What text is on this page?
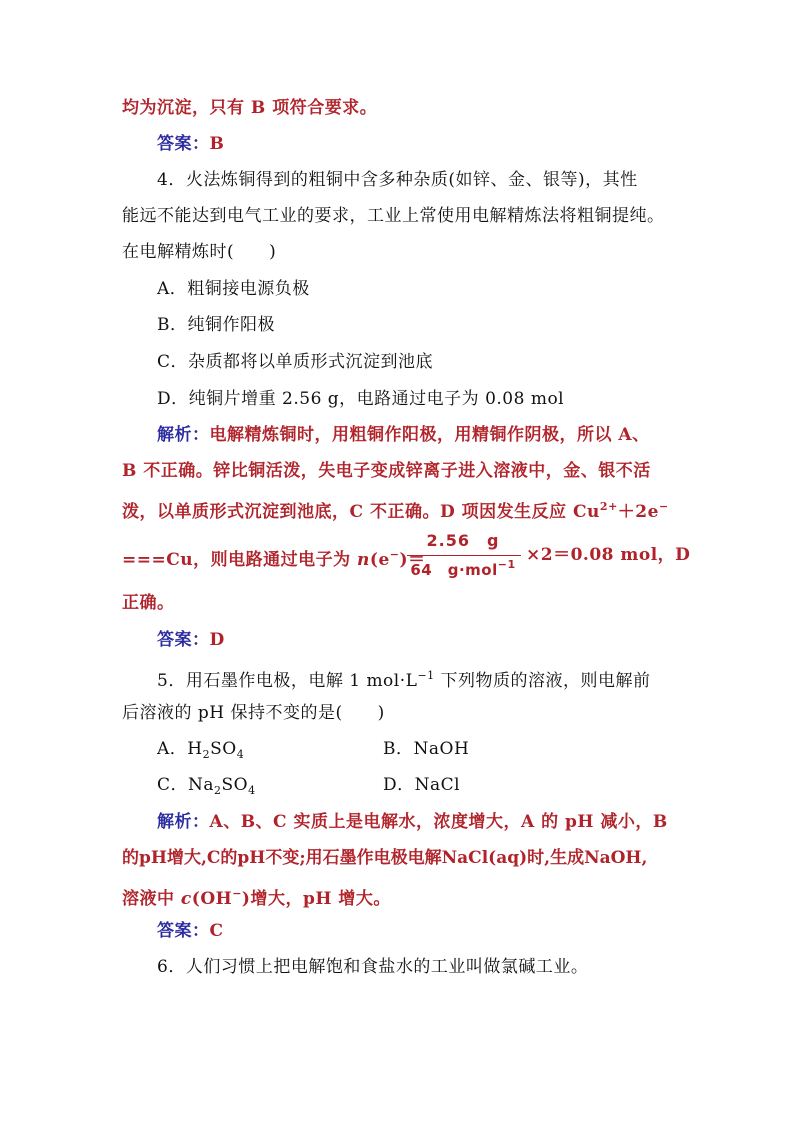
均为沉淀，只有 B 项符合要求。
答案：B
4．火法炼铜得到的粗铜中含多种杂质(如锌、金、银等)，其性
能远不能达到电气工业的要求，工业上常使用电解精炼法将粗铜提纯。
在电解精炼时(　　)
A．粗铜接电源负极
B．纯铜作阳极
C．杂质都将以单质形式沉淀到池底
D．纯铜片增重 2.56 g，电路通过电子为 0.08 mol
解析：电解精炼铜时，用粗铜作阳极，用精铜作阴极，所以 A、
B 不正确。锌比铜活泼，失电子变成锌离子进入溶液中，金、银不活
泼，以单质形式沉淀到池底，C 不正确。D 项因发生反应 $Cu^{2+}+2e^-$
===Cu，则电路通过电子为 n(e−)＝
2.56　g
64　g·mol$^{-1}$ ×2＝0.08 mol，D
正确。
答案：D
5．用石墨作电极，电解 1 $mol\cdot L^{-1}$ 下列物质的溶液，则电解前
后溶液的 pH 保持不变的是(　　)
A．$H_2SO_4$	B．NaOH
C．$Na_2SO_4$	D．NaCl
解析：A、B、C 实质上是电解水，浓度增大，A 的 pH 减小，B
的pH增大,C的pH不变;用石墨作电极电解NaCl(aq)时,生成NaOH,
溶液中 c(OH−)增大，pH 增大。
答案：C
6．人们习惯上把电解饱和食盐水的工业叫做氯碱工业。
